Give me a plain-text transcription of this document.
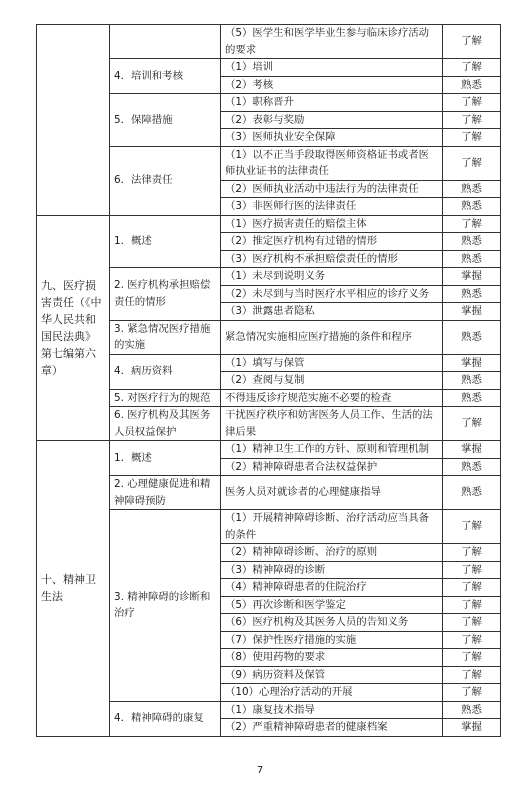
		（5）医学生和医学毕业生参与临床诊疗活动的要求	了解
	4．培训和考核	（1）培训	了解
		（2）考核	熟悉
	5．保障措施	（1）职称晋升	了解
		（2）表彰与奖励	了解
		（3）医师执业安全保障	了解
	6．法律责任	（1）以不正当手段取得医师资格证书或者医师执业证书的法律责任	了解
		（2）医师执业活动中违法行为的法律责任	熟悉
		（3）非医师行医的法律责任	熟悉
九、医疗损害责任（《中华人民共和国民法典》第七编第六章）	1．概述	（1）医疗损害责任的赔偿主体	了解
		（2）推定医疗机构有过错的情形	熟悉
		（3）医疗机构不承担赔偿责任的情形	熟悉
	2. 医疗机构承担赔偿责任的情形	（1）未尽到说明义务	掌握
		（2）未尽到与当时医疗水平相应的诊疗义务	熟悉
		（3）泄露患者隐私	掌握
	3. 紧急情况医疗措施的实施	紧急情况实施相应医疗措施的条件和程序	熟悉
	4．病历资料	（1）填写与保管	掌握
		（2）查阅与复制	熟悉
	5. 对医疗行为的规范	不得违反诊疗规范实施不必要的检查	熟悉
	6. 医疗机构及其医务人员权益保护	干扰医疗秩序和妨害医务人员工作、生活的法律后果	了解
十、精神卫生法	1．概述	（1）精神卫生工作的方针、原则和管理机制	掌握
		（2）精神障碍患者合法权益保护	熟悉
	2. 心理健康促进和精神障碍预防	医务人员对就诊者的心理健康指导	熟悉
	3. 精神障碍的诊断和治疗	（1）开展精神障碍诊断、治疗活动应当具备的条件	了解
		（2）精神障碍诊断、治疗的原则	了解
		（3）精神障碍的诊断	了解
		（4）精神障碍患者的住院治疗	了解
		（5）再次诊断和医学鉴定	了解
		（6）医疗机构及其医务人员的告知义务	了解
		（7）保护性医疗措施的实施	了解
		（8）使用药物的要求	了解
		（9）病历资料及保管	了解
		（10）心理治疗活动的开展	了解
	4．精神障碍的康复	（1）康复技术指导	熟悉
		（2）严重精神障碍患者的健康档案	掌握
7
